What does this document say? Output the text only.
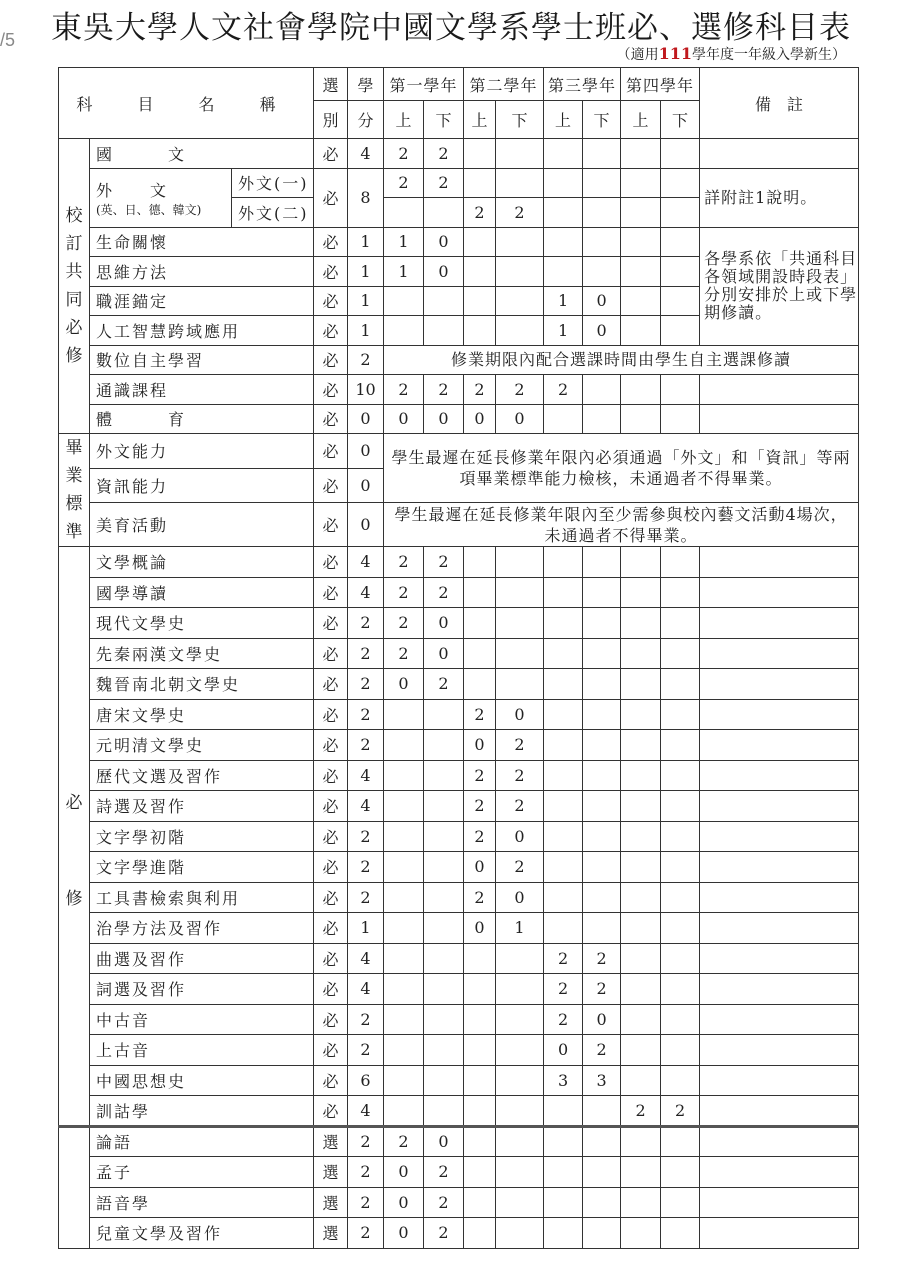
/5	東吳大學人文社會學院中國文學系學士班必、選修科目表
（適用111學年度一年級入學新生）
科 目 名 稱			選	學	第一學年		第二學年		第三學年		第四學年		備　註
			別	分	上	下	上	下	上	下	上	下	
校訂共同必修	國　　　文		必	4	2	2							

	外　　文
(英、日、德、韓文)	外文(一)	必	8	2	2							詳附註1說明。
		外文(二)					2	2					
	生命關懷		必	1	1	0							各學系依「共通科目各領域開設時段表」分別安排於上或下學期修讀。
	思維方法		必	1	1	0							
	職涯錨定		必	1					1	0			
	人工智慧跨域應用		必	1					1	0			
	數位自主學習		必	2	修業期限內配合選課時間由學生自主選課修讀								
	通識課程		必	10	2	2	2	2	2				
	體　　　育		必	0	0	0	0	0					
畢業標準	外文能力		必	0	學生最遲在延長修業年限內必須通過「外文」和「資訊」等兩項畢業標準能力檢核，未通過者不得畢業。								
	資訊能力		必	0									
	美育活動		必	0	學生最遲在延長修業年限內至少需參與校內藝文活動4場次，未通過者不得畢業。								

必
修	文學概論		必	4	2	2							
	國學導讀		必	4	2	2							
	現代文學史		必	2	2	0							
	先秦兩漢文學史		必	2	2	0							
	魏晉南北朝文學史		必	2	0	2							
	唐宋文學史		必	2			2	0					
	元明清文學史		必	2			0	2					
	歷代文選及習作		必	4			2	2					
	詩選及習作		必	4			2	2					
	文字學初階		必	2			2	0					
	文字學進階		必	2			0	2					
	工具書檢索與利用		必	2			2	0					
	治學方法及習作		必	1			0	1					
	曲選及習作		必	4					2	2			
	詞選及習作		必	4					2	2			
	中古音		必	2					2	0			
	上古音		必	2					0	2			
	中國思想史		必	6					3	3			
	訓詁學		必	4							2	2	
	論語		選	2	2	0							
	孟子		選	2	0	2							
	語音學		選	2	0	2							
	兒童文學及習作		選	2	0	2							
